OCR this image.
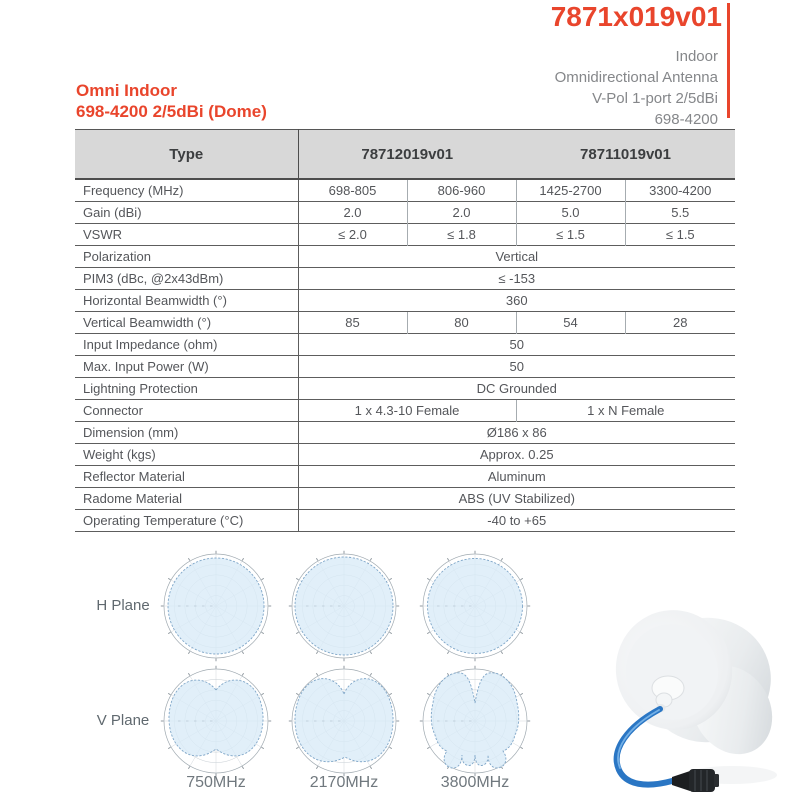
7871x019v01
Indoor
Omnidirectional Antenna
V-Pol 1-port 2/5dBi
698-4200
Omni Indoor
698-4200 2/5dBi (Dome)
Type	78712019v01		78711019v01	
Frequency (MHz)	698-805	806-960	1425-2700	3300-4200
Gain (dBi)	2.0	2.0	5.0	5.5
VSWR	≤ 2.0	≤ 1.8	≤ 1.5	≤ 1.5
Polarization	Vertical			
PIM3 (dBc, @2x43dBm)	≤ -153			
Horizontal Beamwidth (°)	360			
Vertical Beamwidth (°)	85	80	54	28
Input Impedance (ohm)	50			
Max. Input Power (W)	50			
Lightning Protection	DC Grounded			
Connector	1 x 4.3-10 Female		1 x N Female	
Dimension (mm)	Ø186 x 86			
Weight (kgs)	Approx. 0.25			
Reflector Material	Aluminum			
Radome Material	ABS (UV Stabilized)			
Operating Temperature (°C)	-40 to +65			
H Plane
V Plane
750MHz	2170MHz	3800MHz
